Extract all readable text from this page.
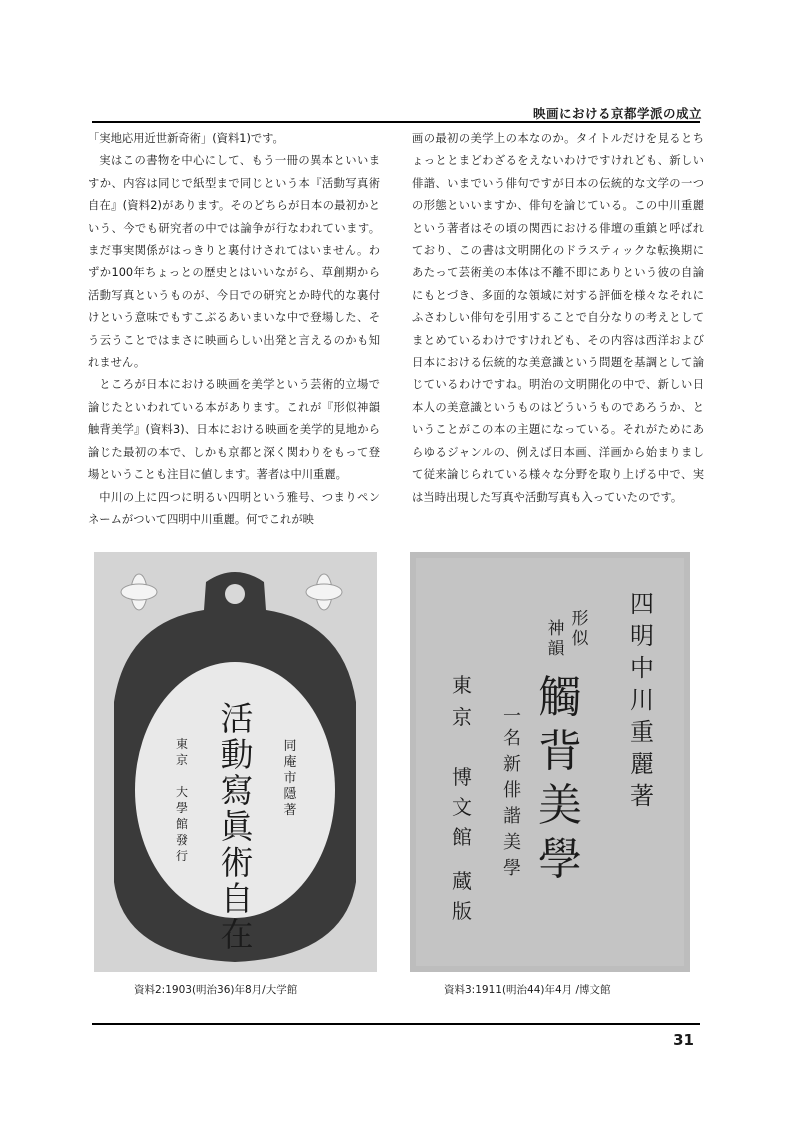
映画における京都学派の成立

「実地応用近世新奇術」(資料1)です。

実はこの書物を中心にして、もう一冊の異本といいますか、内容は同じで紙型まで同じという本『活動写真術自在』(資料2)があります。そのどちらが日本の最初かという、今でも研究者の中では論争が行なわれています。まだ事実関係がはっきりと裏付けされてはいません。わずか100年ちょっとの歴史とはいいながら、草創期から活動写真というものが、今日での研究とか時代的な裏付けという意味でもすこぶるあいまいな中で登場した、そう云うことではまさに映画らしい出発と言えるのかも知れません。

ところが日本における映画を美学という芸術的立場で論じたといわれている本があります。これが『形似神韻触背美学』(資料3)、日本における映画を美学的見地から論じた最初の本で、しかも京都と深く関わりをもって登場ということも注目に値します。著者は中川重麗。

中川の上に四つに明るい四明という雅号、つまりペンネームがついて四明中川重麗。何でこれが映

画の最初の美学上の本なのか。タイトルだけを見るとちょっととまどわざるをえないわけですけれども、新しい俳諧、いまでいう俳句ですが日本の伝統的な文学の一つの形態といいますか、俳句を論じている。この中川重麗という著者はその頃の関西における俳壇の重鎮と呼ばれており、この書は文明開化のドラスティックな転換期にあたって芸術美の本体は不離不即にありという彼の自論にもとづき、多面的な領域に対する評価を様々なそれにふさわしい俳句を引用することで自分なりの考えとしてまとめているわけですけれども、その内容は西洋および日本における伝統的な美意識という問題を基調として論じているわけですね。明治の文明開化の中で、新しい日本人の美意識というものはどういうものであろうか、ということがこの本の主題になっている。それがためにあらゆるジャンルの、例えば日本画、洋画から始まりまして従来論じられている様々な分野を取り上げる中で、実は当時出現した写真や活動写真も入っていたのです。

活
動
寫
眞
術
自
在
同
庵
市
隱
著
東
京
大
學
館
發
行
四
明
中
川
重
麗
著
形
似
神
韻
觸
背
美
學
一
名
新
俳
諧
美
學
東
京
博
文
館
蔵
版
資料2:1903(明治36)年8月/大学館	資料3:1911(明治44)年4月 /博文館
31
